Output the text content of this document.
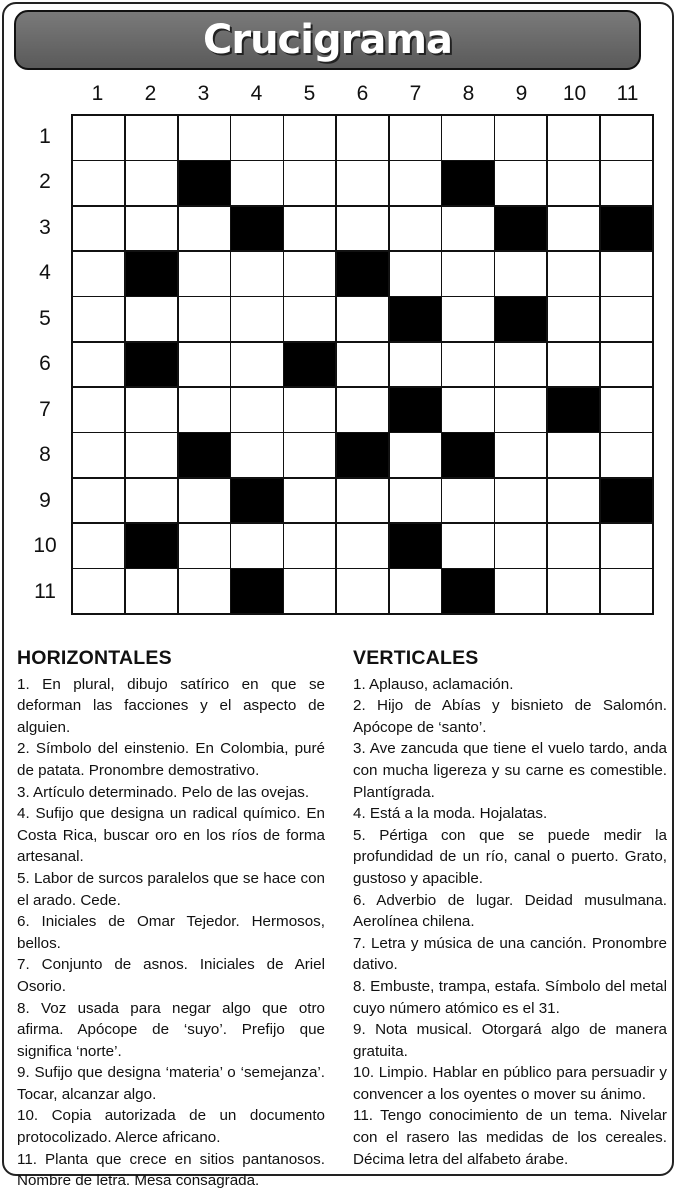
Crucigrama
1	2	3	4	5	6	7	8	9	10	11
1
2
3
4
5
6
7
8
9
10
11
HORIZONTALES

1. En plural, dibujo satírico en que se deforman las facciones y el aspecto de alguien.

2. Símbolo del einstenio. En Colombia, puré de patata. Pronombre demostrativo.

3. Artículo determinado. Pelo de las ovejas.

4. Sufijo que designa un radical químico. En Costa Rica, buscar oro en los ríos de forma artesanal.

5. Labor de surcos paralelos que se hace con el arado. Cede.

6. Iniciales de Omar Tejedor. Hermosos, bellos.

7. Conjunto de asnos. Iniciales de Ariel Osorio.

8. Voz usada para negar algo que otro afirma. Apócope de ‘suyo’. Prefijo que significa ‘norte’.

9. Sufijo que designa ‘materia’ o ‘semejanza’. Tocar, alcanzar algo.

10. Copia autorizada de un documento protocolizado. Alerce africano.

11. Planta que crece en sitios pantanosos. Nombre de letra. Mesa consagrada.

VERTICALES

1. Aplauso, aclamación.

2. Hijo de Abías y bisnieto de Salomón. Apócope de ‘santo’.

3. Ave zancuda que tiene el vuelo tardo, anda con mucha ligereza y su carne es comestible. Plantígrada.

4. Está a la moda. Hojalatas.

5. Pértiga con que se puede medir la profundidad de un río, canal o puerto. Grato, gustoso y apacible.

6. Adverbio de lugar. Deidad musulmana. Aerolínea chilena.

7. Letra y música de una canción. Pronombre dativo.

8. Embuste, trampa, estafa. Símbolo del metal cuyo número atómico es el 31.

9. Nota musical. Otorgará algo de manera gratuita.

10. Limpio. Hablar en público para persuadir y convencer a los oyentes o mover su ánimo.

11. Tengo conocimiento de un tema. Nivelar con el rasero las medidas de los cereales. Décima letra del alfabeto árabe.
